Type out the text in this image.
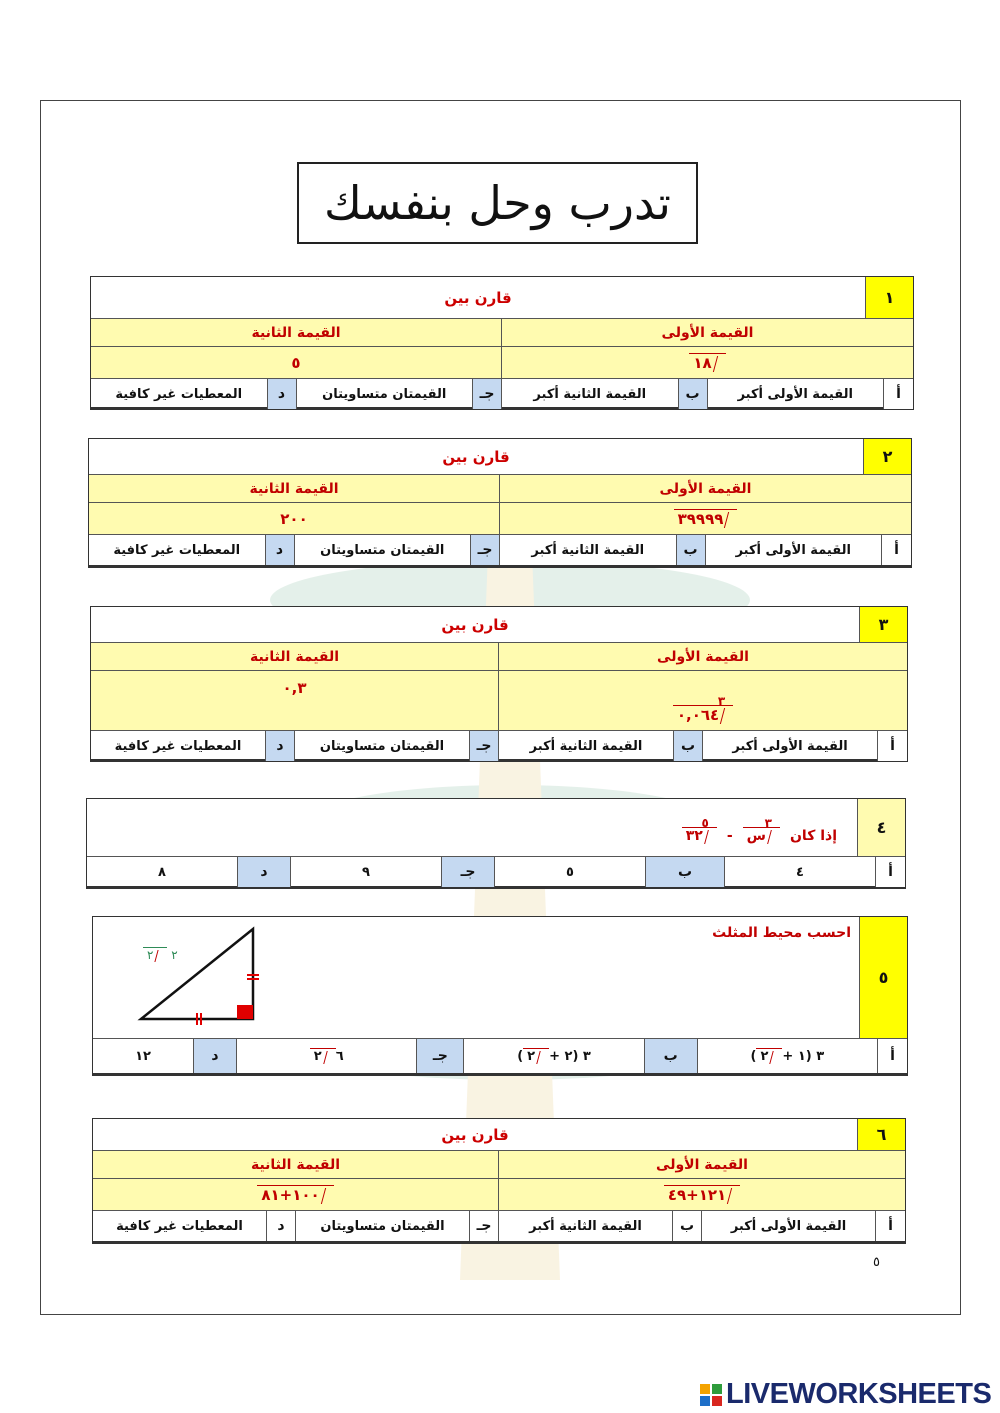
تدرب وحل بنفسك
١
قارن بين
القيمة الأولى
القيمة الثانية
١٨
٥
أ
القيمة الأولى أكبر
ب
القيمة الثانية أكبر
جـ
القيمتان متساويتان
د
المعطيات غير كافية
٢
قارن بين
القيمة الأولى
القيمة الثانية
٣٩٩٩٩
٢٠٠
أ
القيمة الأولى أكبر
ب
القيمة الثانية أكبر
جـ
القيمتان متساويتان
د
المعطيات غير كافية
٣
قارن بين
القيمة الأولى
القيمة الثانية
٣
٠,٠٦٤
٠,٣
أ
القيمة الأولى أكبر
ب
القيمة الثانية أكبر
جـ
القيمتان متساويتان
د
المعطيات غير كافية
٤
إذا كان
٣
س
-
٥
٣٢
أ
٤
ب
٥
جـ
٩
د
٨
٥
احسب محيط المثلث
٢ ٢
أ
٣ (١ +
٢
)
ب
٣ (٢ +
٢
)
جـ
٦
٢
د
١٢
٦
قارن بين
القيمة الأولى
القيمة الثانية
١٢١+٤٩
١٠٠+٨١
أ
القيمة الأولى أكبر
ب
القيمة الثانية أكبر
جـ
القيمتان متساويتان
د
المعطيات غير كافية
٥
LIVEWORKSHEETS
